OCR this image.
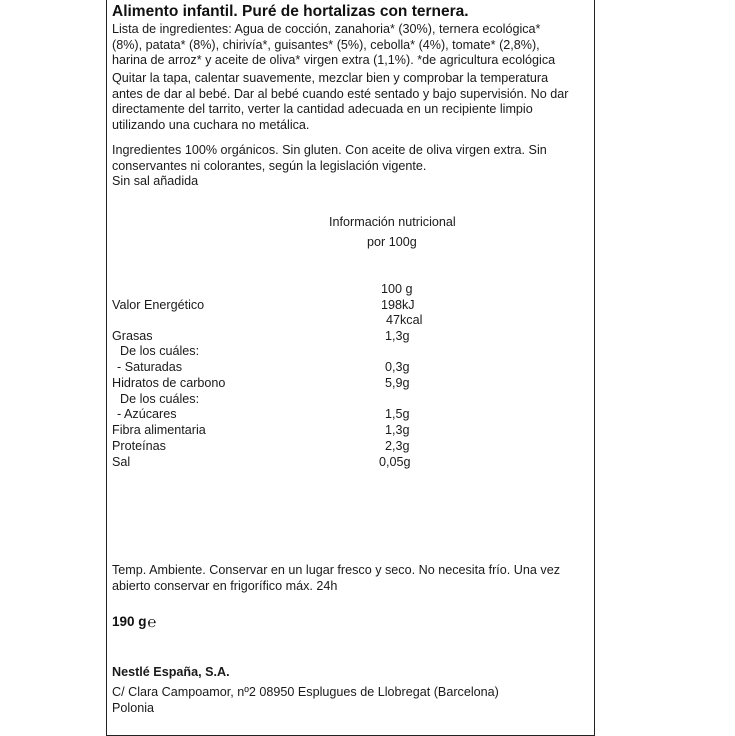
Alimento infantil. Puré de hortalizas con ternera.
Lista de ingredientes: Agua de cocción, zanahoria* (30%), ternera ecológica*
(8%), patata* (8%), chirivía*, guisantes* (5%), cebolla* (4%), tomate* (2,8%),
harina de arroz* y aceite de oliva* virgen extra (1,1%). *de agricultura ecológica
Quitar la tapa, calentar suavemente, mezclar bien y comprobar la temperatura
antes de dar al bebé. Dar al bebé cuando esté sentado y bajo supervisión. No dar
directamente del tarrito, verter la cantidad adecuada en un recipiente limpio
utilizando una cuchara no metálica.
Ingredientes 100% orgánicos. Sin gluten. Con aceite de oliva virgen extra. Sin
conservantes ni colorantes, según la legislación vigente.
Sin sal añadida
Información nutricional
por 100g
100 g
Valor Energético	198kJ
47kcal
Grasas	1,3g
De los cuáles:
- Saturadas	0,3g
Hidratos de carbono	5,9g
De los cuáles:
- Azúcares	1,5g
Fibra alimentaria	1,3g
Proteínas	2,3g
Sal	0,05g
Temp. Ambiente. Conservar en un lugar fresco y seco. No necesita frío. Una vez
abierto conservar en frigorífico máx. 24h
190 g℮
Nestlé España, S.A.
C/ Clara Campoamor, nº2 08950 Esplugues de Llobregat (Barcelona)
Polonia
